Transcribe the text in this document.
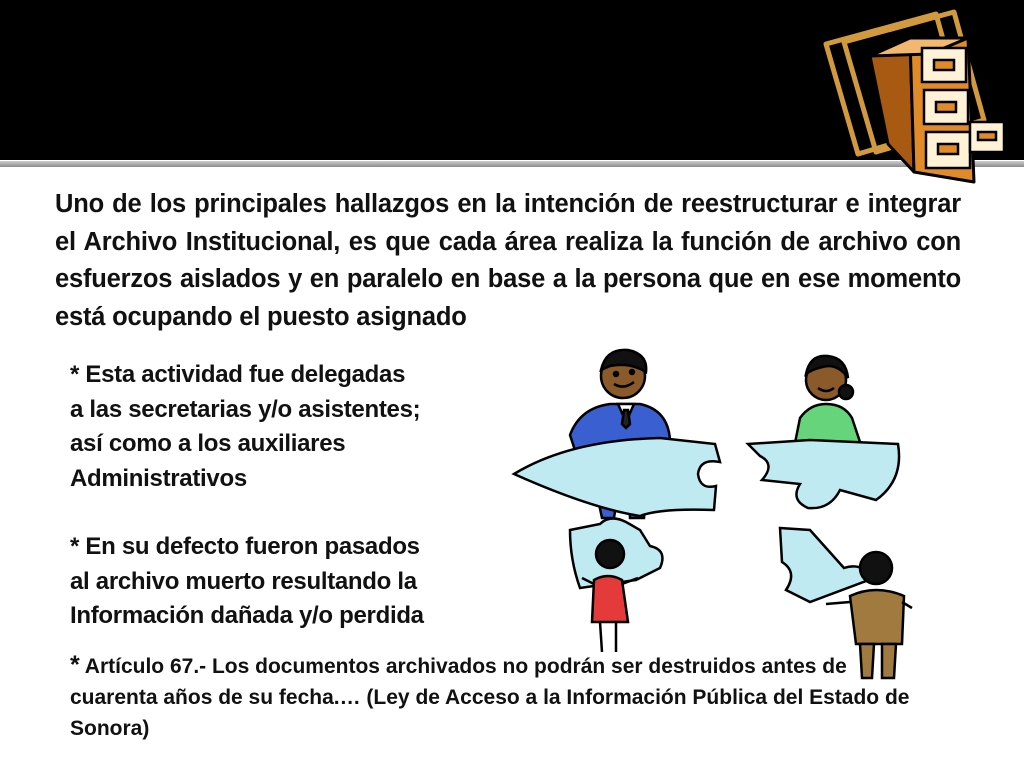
Uno de los principales hallazgos en la intención de reestructurar e integrar el Archivo Institucional, es que cada área realiza la función de archivo con esfuerzos aislados y en paralelo en base a la persona que en ese momento está ocupando el puesto asignado

* Esta actividad fue delegadas
a las secretarias y/o asistentes;
así como a los auxiliares
Administrativos

* En su defecto fueron pasados
al archivo muerto resultando la
Información dañada y/o perdida

* Artículo 67.- Los documentos archivados no podrán ser destruidos antes de cuarenta años de su fecha.… (Ley de Acceso a la Información Pública del Estado de Sonora)
